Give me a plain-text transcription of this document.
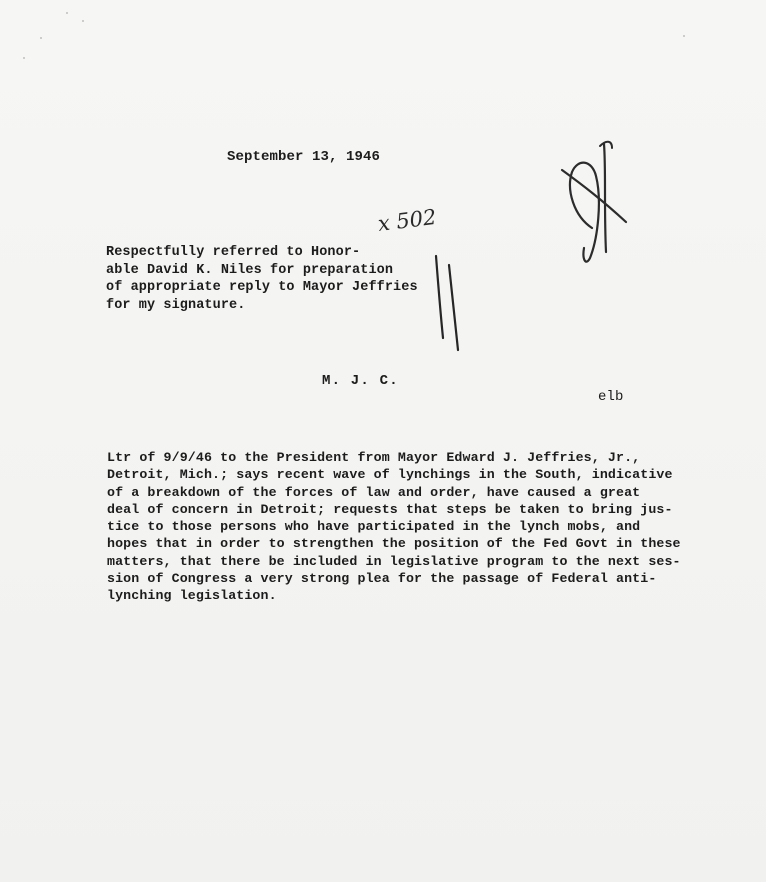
September 13, 1946

x 502

Respectfully referred to Honor-
able David K. Niles for preparation
of appropriate reply to Mayor Jeffries
for my signature.

M. J. C.

elb

Ltr of 9/9/46 to the President from Mayor Edward J. Jeffries, Jr.,
Detroit, Mich.; says recent wave of lynchings in the South, indicative
of a breakdown of the forces of law and order, have caused a great
deal of concern in Detroit; requests that steps be taken to bring jus-
tice to those persons who have participated in the lynch mobs, and
hopes that in order to strengthen the position of the Fed Govt in these
matters, that there be included in legislative program to the next ses-
sion of Congress a very strong plea for the passage of Federal anti-
lynching legislation.
